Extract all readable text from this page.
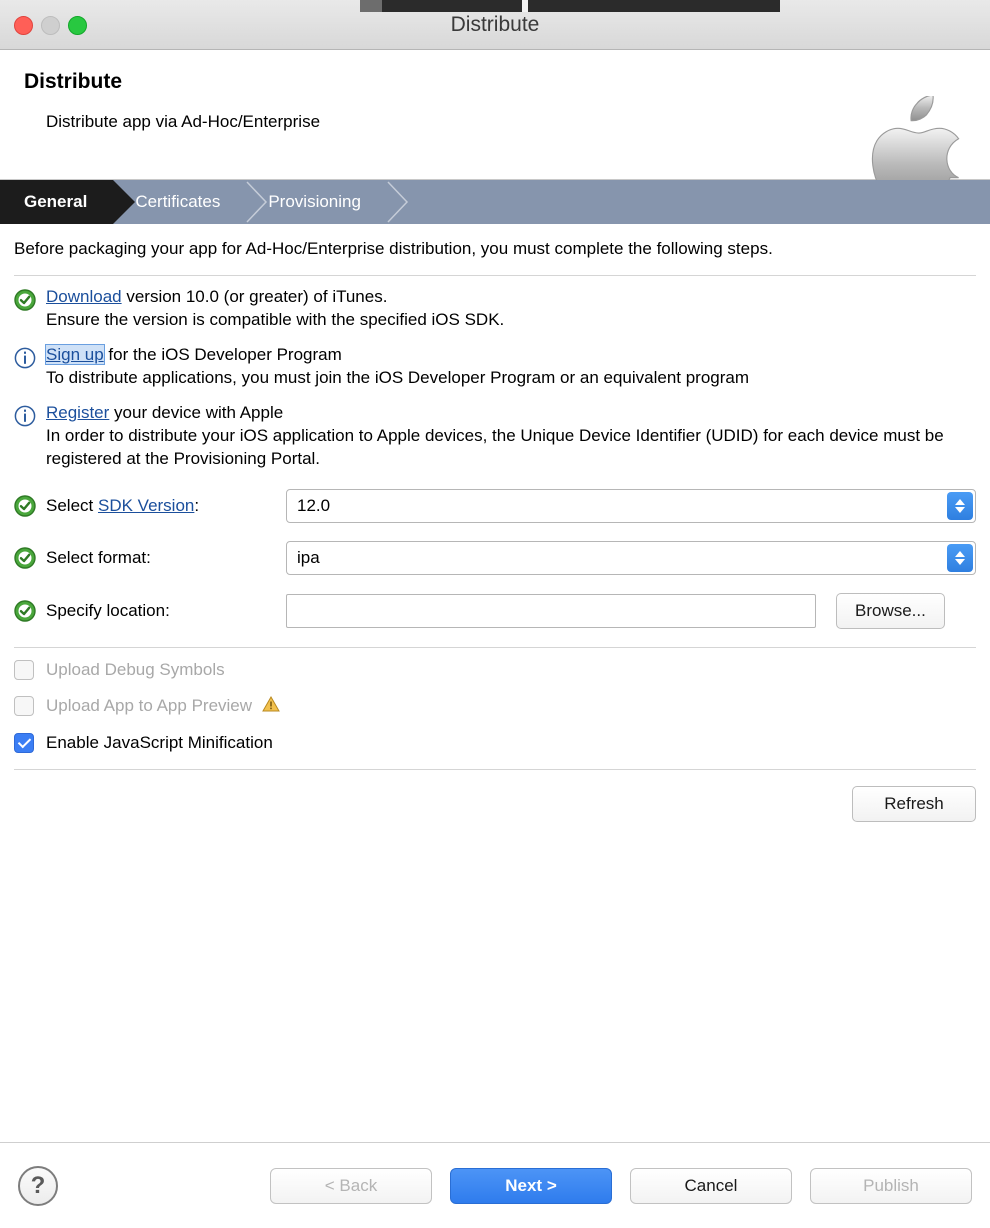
Distribute
Distribute
Distribute app via Ad-Hoc/Enterprise
General	Certificates	Provisioning
Before packaging your app for Ad-Hoc/Enterprise distribution, you must complete the following steps.
Download version 10.0 (or greater) of iTunes.
Ensure the version is compatible with the specified iOS SDK.
Sign up for the iOS Developer Program
To distribute applications, you must join the iOS Developer Program or an equivalent program
Register your device with Apple
In order to distribute your iOS application to Apple devices, the Unique Device Identifier (UDID) for each device must be registered at the Provisioning Portal.
Select SDK Version:	12.0
Select format:	ipa
Specify location:	Browse...
Upload Debug Symbols
Upload App to App Preview
Enable JavaScript Minification
Refresh
?	< Back	Next >	Cancel	Publish
